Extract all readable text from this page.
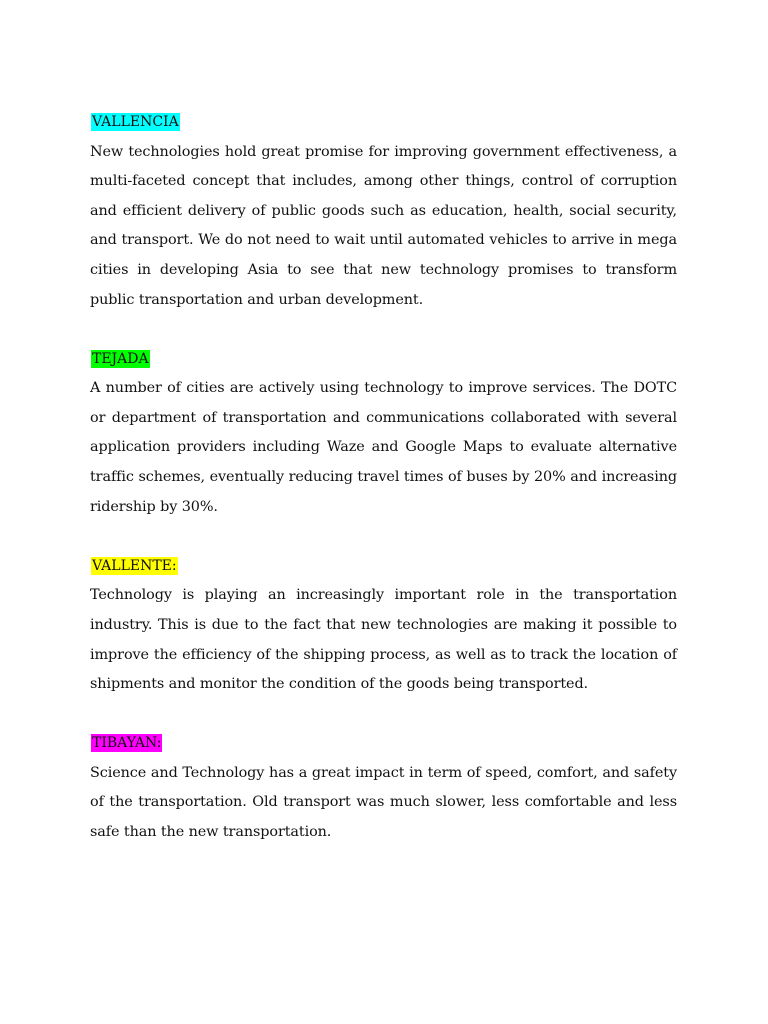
VALLENCIA

New technologies hold great promise for improving government effectiveness, a multi-faceted concept that includes, among other things, control of corruption and efficient delivery of public goods such as education, health, social security, and transport. We do not need to wait until automated vehicles to arrive in mega cities in developing Asia to see that new technology promises to transform public transportation and urban development.

TEJADA

A number of cities are actively using technology to improve services. The DOTC or department of transportation and communications collaborated with several application providers including Waze and Google Maps to evaluate alternative traffic schemes, eventually reducing travel times of buses by 20% and increasing ridership by 30%.

VALLENTE:

Technology is playing an increasingly important role in the transportation industry. This is due to the fact that new technologies are making it possible to improve the efficiency of the shipping process, as well as to track the location of shipments and monitor the condition of the goods being transported.

TIBAYAN:

Science and Technology has a great impact in term of speed, comfort, and safety of the transportation. Old transport was much slower, less comfortable and less safe than the new transportation.
